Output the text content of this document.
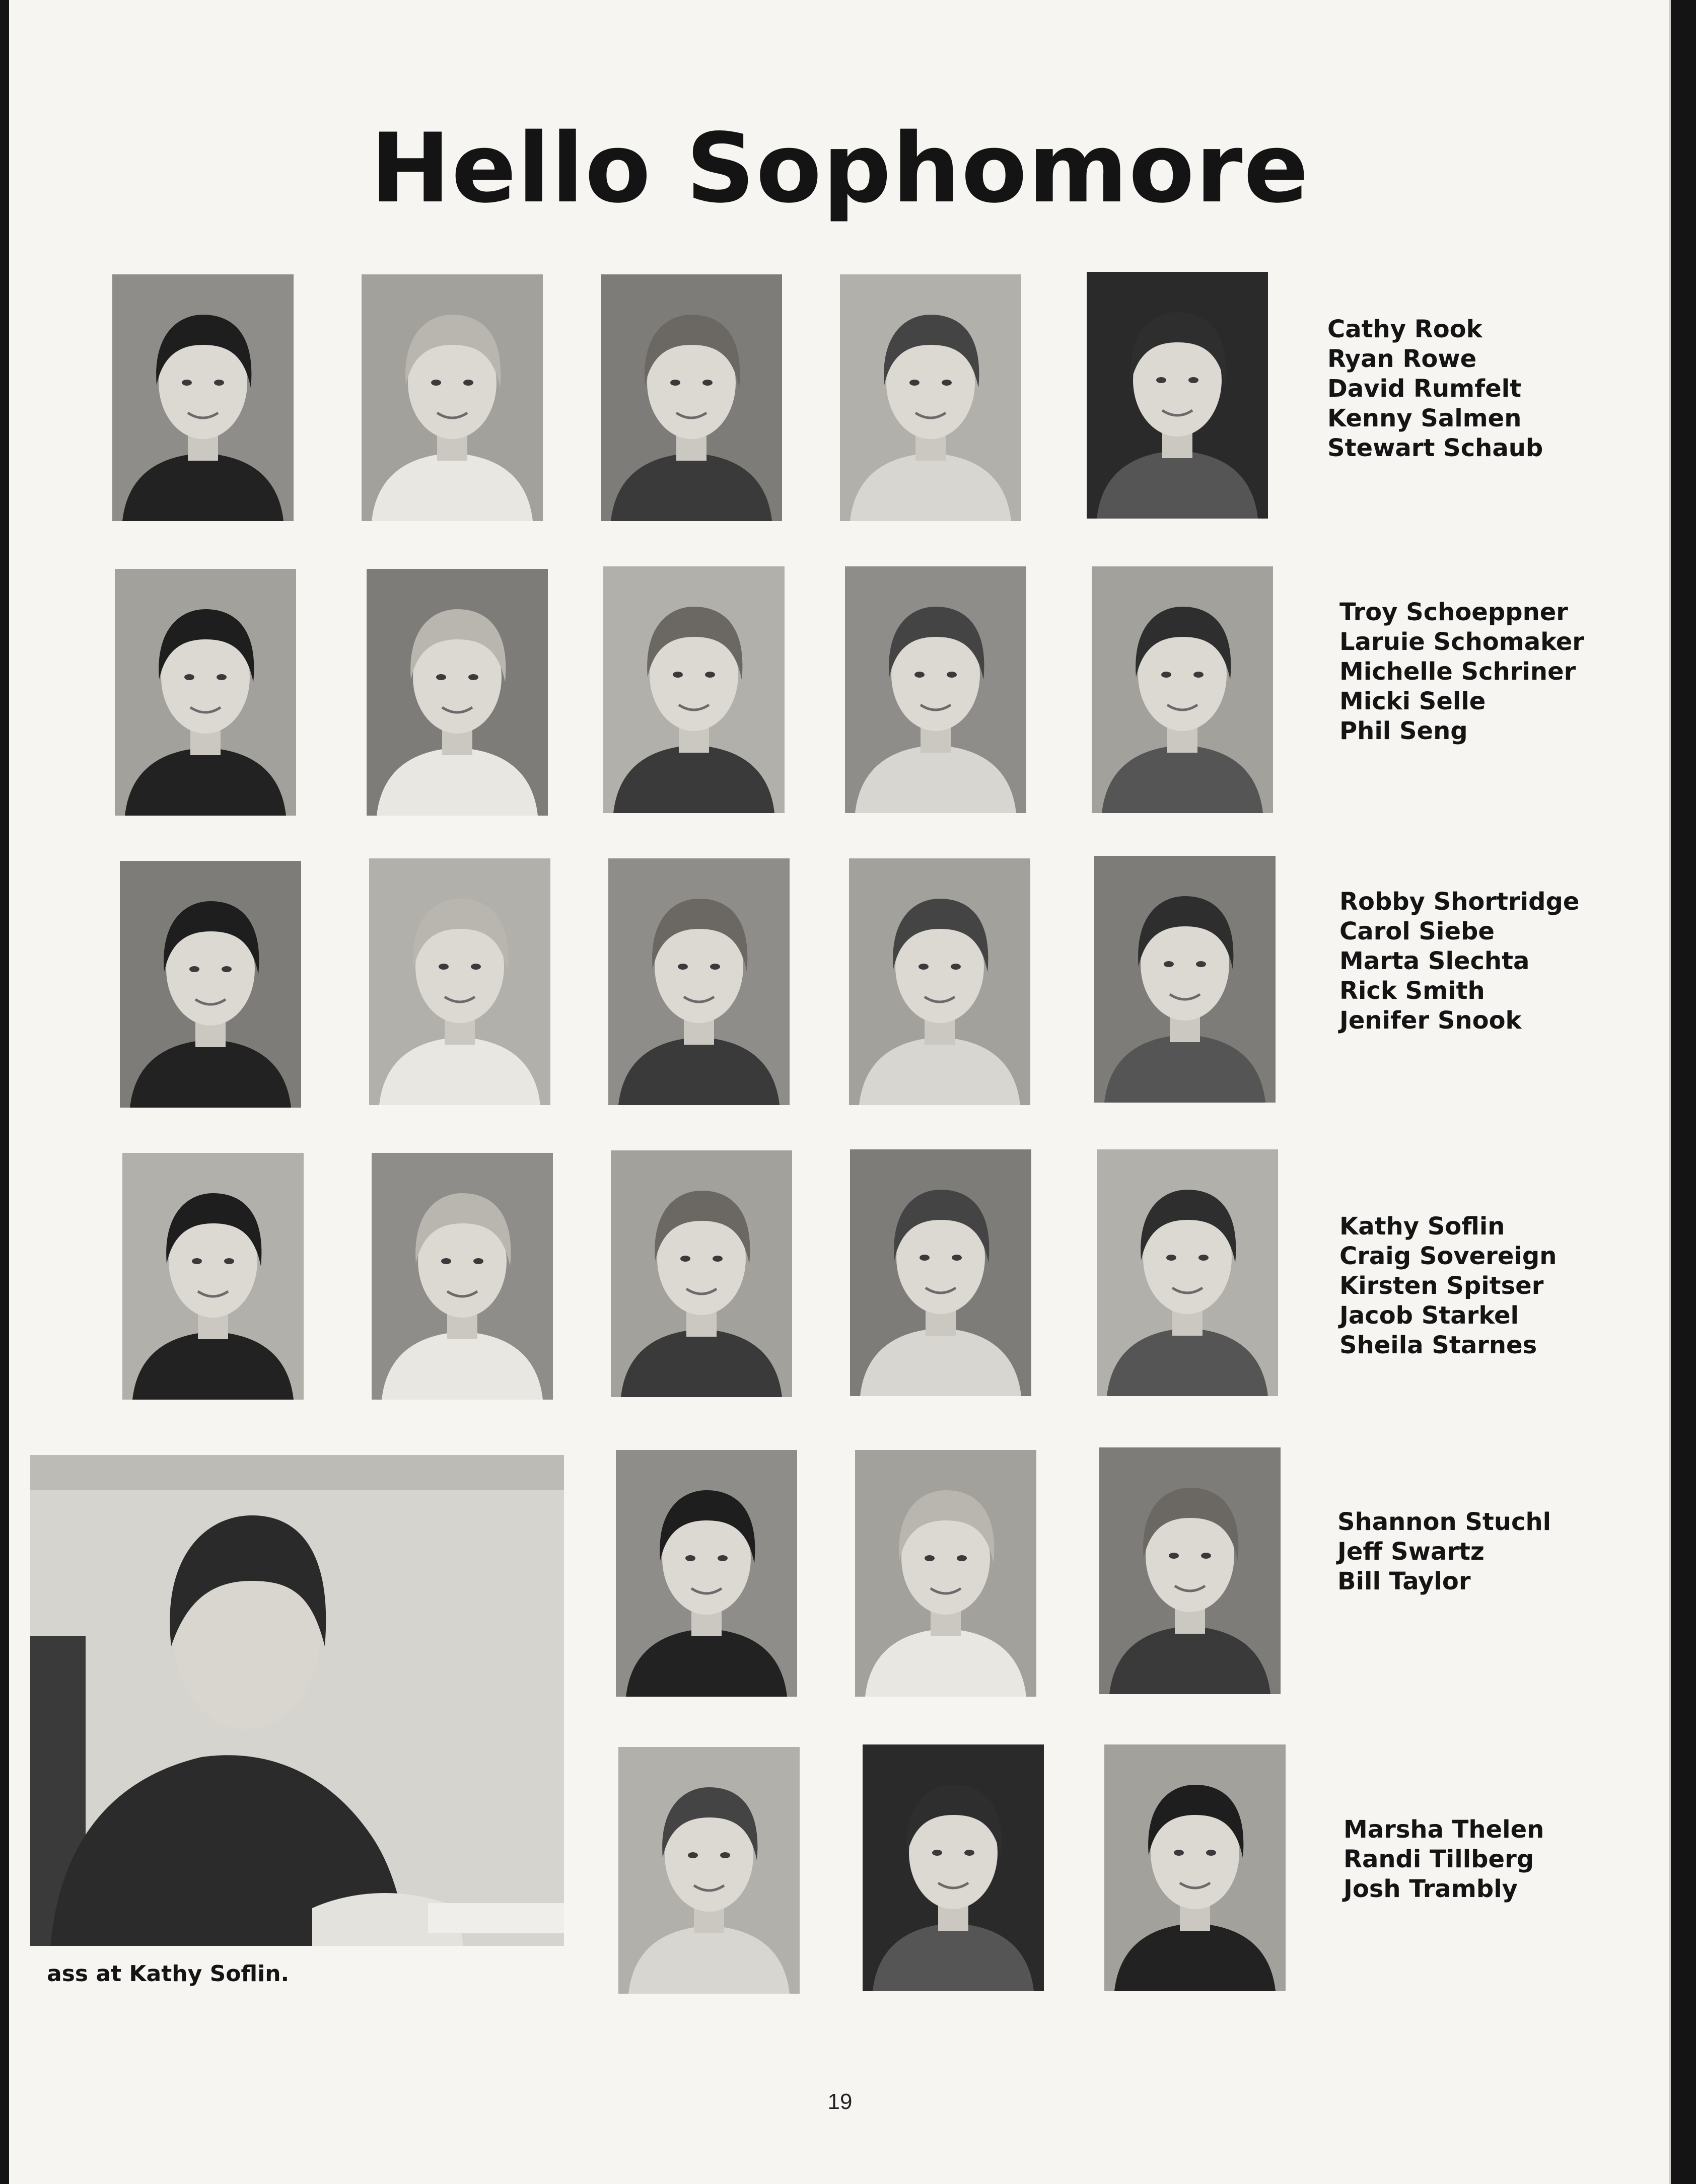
Hello Sophomore
Cathy Rook
Ryan Rowe
David Rumfelt
Kenny Salmen
Stewart Schaub
Troy Schoeppner
Laruie Schomaker
Michelle Schriner
Micki Selle
Phil Seng
Robby Shortridge
Carol Siebe
Marta Slechta
Rick Smith
Jenifer Snook
Kathy Soflin
Craig Sovereign
Kirsten Spitser
Jacob Starkel
Sheila Starnes
Shannon Stuchl
Jeff Swartz
Bill Taylor
Marsha Thelen
Randi Tillberg
Josh Trambly
ass at Kathy Soflin.
19
